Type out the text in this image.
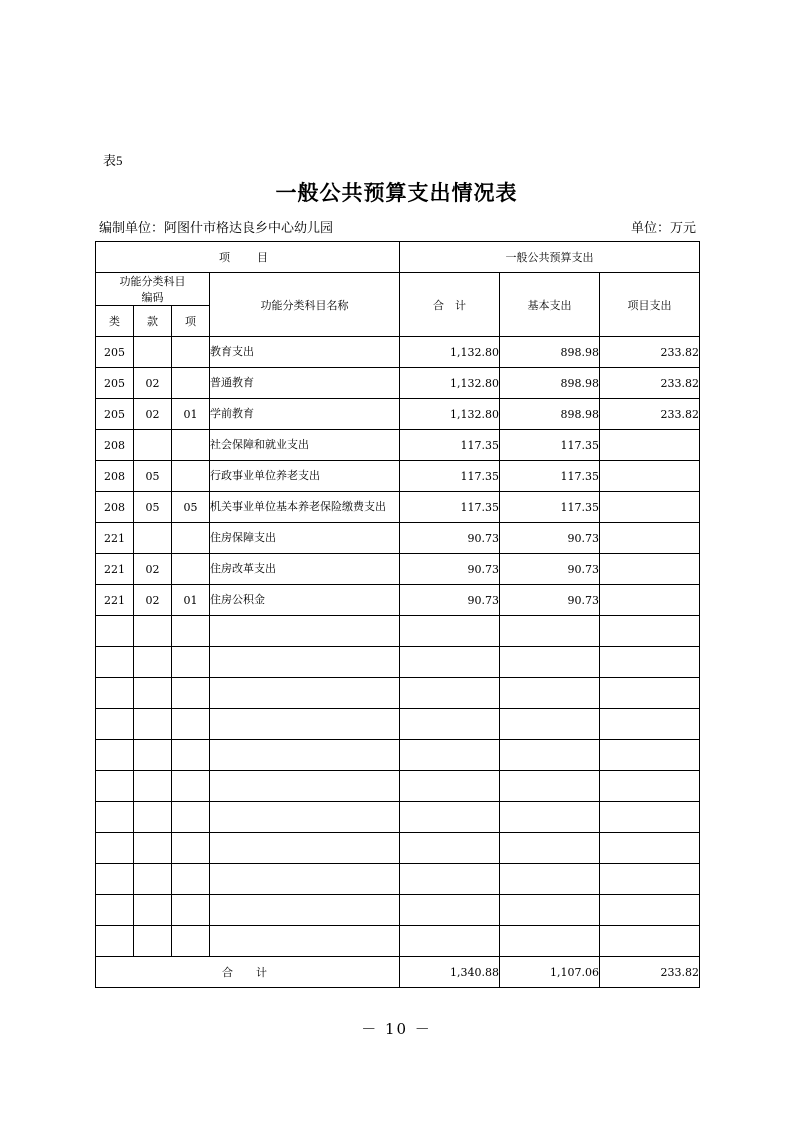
表5
一般公共预算支出情况表
编制单位：阿图什市格达良乡中心幼儿园	单位：万元
项　目				一般公共预算支出		

功能分类科目
编码			功能分类科目名称	合　计	基本支出	项目支出
类	款	项				
205			教育支出	1,132.80	898.98	233.82
205	02		普通教育	1,132.80	898.98	233.82
205	02	01	学前教育	1,132.80	898.98	233.82
208			社会保障和就业支出	117.35	117.35	
208	05		行政事业单位养老支出	117.35	117.35	
208	05	05	机关事业单位基本养老保险缴费支出	117.35	117.35	
221			住房保障支出	90.73	90.73	
221	02		住房改革支出	90.73	90.73	
221	02	01	住房公积金	90.73	90.73	

合　计				1,340.88	1,107.06	233.82
－ 10 －
